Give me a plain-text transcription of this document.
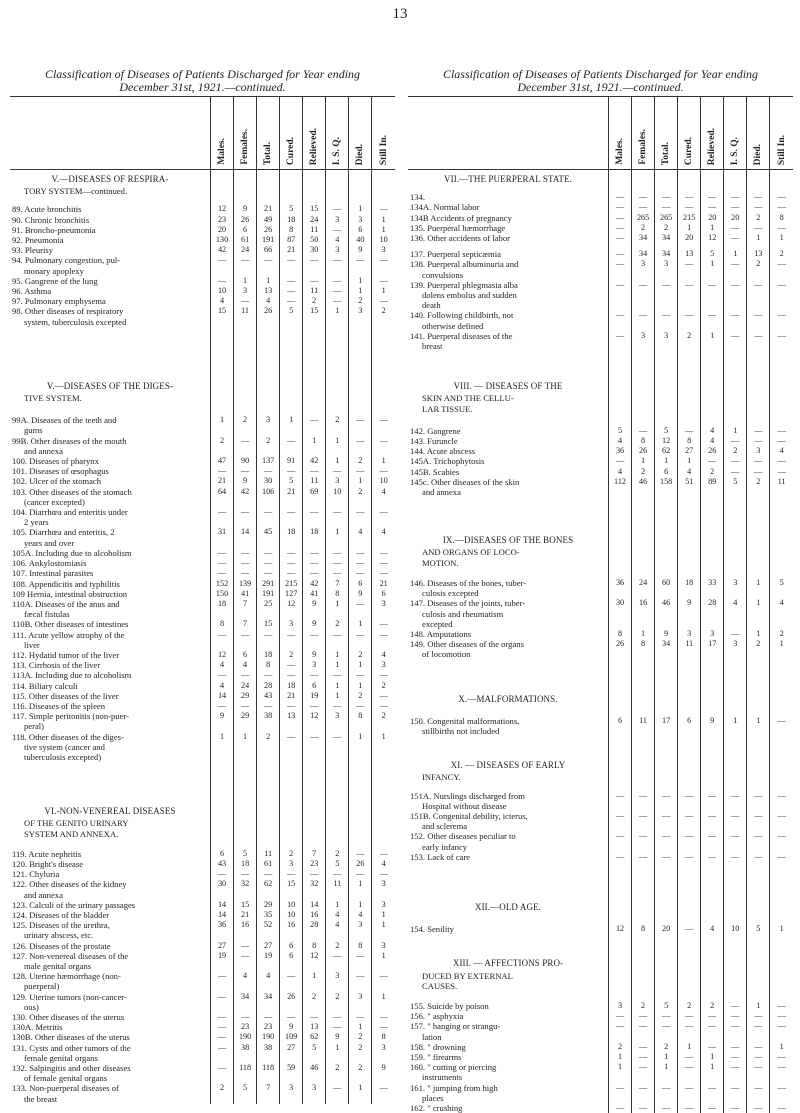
13
Classification of Diseases of Patients Discharged for Year ending
December 31st, 1921.—continued.

	Males.	Females.	Total.	Cured.	Relieved.	I. S. Q.	Died.	Still In.

V.—DISEASES OF RESPIRA-								
TORY SYSTEM—continued.								

89. Acute bronchitis	12	9	21	5	15	—	1	—
90. Chronic bronchitis	23	26	49	18	24	3	3	1
91. Broncho-pneumonia	20	6	26	8	11	—	6	1
92. Pneumonia	130	61	191	87	50	4	40	10
93. Pleurisy	42	24	66	21	30	3	9	3
94. Pulmonary congestion, pul-	—	—	—	—	—	—	—	—
monary apoplexy								
95. Gangrene of the lung	—	1	1	—	—	—	1	—
96. Asthma	10	3	13	—	11	—	1	1
97. Pulmonary emphysema	4	—	4	—	2	—	2	—
98. Other diseases of respiratory	15	11	26	5	15	1	3	2
system, tuberculosis excepted								

V.—DISEASES OF THE DIGES-								
TIVE SYSTEM.								

99A. Diseases of the teeth and	1	2	3	1	—	2	—	—
gums								
99B. Other diseases of the mouth	2	—	2	—	1	1	—	—
and annexa								
100. Diseases of pharynx	47	90	137	91	42	1	2	1
101. Diseases of œsophagus	—	—	—	—	—	—	—	—
102. Ulcer of the stomach	21	9	30	5	11	3	1	10
103. Other diseases of the stomach	64	42	106	21	69	10	2	4
(cancer excepted)								
104. Diarrhœa and enteritis under	—	—	—	—	—	—	—	—
2 years								
105. Diarrhœa and enteritis, 2	31	14	45	18	18	1	4	4
years and over								
105A. Including due to alcoholism	—	—	—	—	—	—	—	—
106. Ankylostomiasis	—	—	—	—	—	—	—	—
107. Intestinal parasites	—	—	—	—	—	—	—	—
108. Appendicitis and typhilitis	152	139	291	215	42	7	6	21
109 Hernia, intestinal obstruction	150	41	191	127	41	8	9	6
110A. Diseases of the anus and	18	7	25	12	9	1	—	3
fæcal fistulas								
110B. Other diseases of intestines	8	7	15	3	9	2	1	—
111. Acute yellow atrophy of the	—	—	—	—	—	—	—	—
liver								
112. Hydatid tumor of the liver	12	6	18	2	9	1	2	4
113. Cirrhosis of the liver	4	4	8	—	3	1	1	3
113A. Including due to alcoholism	—	—	—	—	—	—	—	—
114. Biliary calculi	4	24	28	18	6	1	1	2
115. Other diseases of the liver	14	29	43	21	19	1	2	—
116. Diseases of the spleen	—	—	—	—	—	—	—	—
117. Simple peritonitis (non-puer-	9	29	38	13	12	3	8	2
peral)								
118. Other diseases of the diges-	1	1	2	—	—	—	1	1
tive system (cancer and								
tuberculosis excepted)								

VI.-NON-VENEREAL DISEASES								
OF THE GENITO URINARY								
SYSTEM AND ANNEXA.								

119. Acute nephritis	6	5	11	2	7	2	—	—
120. Bright's disease	43	18	61	3	23	5	26	4
121. Chyluria	—	—	—	—	—	—	—	—
122. Other diseases of the kidney	30	32	62	15	32	11	1	3
and annexa								
123. Calculi of the urinary passages	14	15	29	10	14	1	1	3
124. Diseases of the bladder	14	21	35	10	16	4	4	1
125. Diseases of the urethra,	36	16	52	16	28	4	3	1
urinary abscess, etc.								
126. Diseases of the prostate	27	—	27	6	8	2	8	3
127. Non-venereal diseases of the	19	—	19	6	12	—	—	1
male genital organs								
128. Uterine hæmorrhage (non-	—	4	4	—	1	3	—	—
puerperal)								
129. Uterine tumors (non-cancer-	—	34	34	26	2	2	3	1
ous)								
130. Other diseases of the uterus	—	—	—	—	—	—	—	—
130A. Metritis	—	23	23	9	13	—	1	—
130B. Other diseases of the uterus	—	190	190	109	62	9	2	8
131. Cysts and other tumors of the	—	38	38	27	5	1	2	3
female genital organs								
132. Salpingitis and other diseases	—	118	118	59	46	2	2	9
of female genital organs								
133. Non-puerperal diseases of	2	5	7	3	3	—	1	—
the breast								
Classification of Diseases of Patients Discharged for Year ending
December 31st, 1921.—continued.

	Males.	Females.	Total.	Cured.	Relieved.	I. S. Q.	Died.	Still In.

VII.—THE PUERPERAL STATE.								

134.	—	—	—	—	—	—	—	—
134A. Normal labor	—	—	—	—	—	—	—	—
134B Accidents of pregnancy	—	265	265	215	20	20	2	8
135. Puerperal hæmorrhage	—	2	2	1	1	—	—	—
136. Other accidents of labor	—	34	34	20	12	—	1	1

137. Puerperal septicæmia	—	34	34	13	5	1	13	2
138. Puerperal albuminuria and	—	3	3	—	1	—	2	—
convulsions								
139. Puerperal phlegmasia alba	—	—	—	—	—	—	—	—
dolens embolus and sudden								
death								
140. Following childbirth, not	—	—	—	—	—	—	—	—
otherwise defined								
141. Puerperal diseases of the	—	3	3	2	1	—	—	—
breast								

VIII. — DISEASES OF THE								
SKIN AND THE CELLU-								
LAR TISSUE.								

142. Gangrene	5	—	5	—	4	1	—	—
143. Furuncle	4	8	12	8	4	—	—	—
144. Acute abscess	36	26	62	27	26	2	3	4
145A. Trichophytosis	—	1	1	1	—	—	—	—
145B. Scabies	4	2	6	4	2	—	—	—
145c. Other diseases of the skin	112	46	158	51	89	5	2	11
and annexa								

IX.—DISEASES OF THE BONES								
AND ORGANS OF LOCO-								
MOTION.								

146. Diseases of the bones, tuber-	36	24	60	18	33	3	1	5
culosis excepted								
147. Diseases of the joints, tuber-	30	16	46	9	28	4	1	4
culosis and rheumatism								
excepted								
148. Amputations	8	1	9	3	3	—	1	2
149. Other diseases of the organs	26	8	34	11	17	3	2	1
of locomotion								

X.—MALFORMATIONS.								

150. Congenital malformations,	6	11	17	6	9	1	1	—
stillbirths not included								

XI. — DISEASES OF EARLY								
INFANCY.								

151A. Nurslings discharged from	—	—	—	—	—	—	—	—
Hospital without disease								
151B. Congenital debility, icterus,	—	—	—	—	—	—	—	—
and sclerema								
152. Other diseases peculiar to	—	—	—	—	—	—	—	—
early infancy								
153. Lack of care	—	—	—	—	—	—	—	—

XII.—OLD AGE.								

154. Senility	12	8	20	—	4	10	5	1

XIII. — AFFECTIONS PRO-								
DUCED BY EXTERNAL								
CAUSES.								

155. Suicide by poison	3	2	5	2	2	—	1	—
156. " asphyxia	—	—	—	—	—	—	—	—
157. " hanging or strangu-	—	—	—	—	—	—	—	—
lation								
158. " drowning	2	—	2	1	—	—	—	1
159. " firearms	1	—	1	—	1	—	—	—
160. " cutting or piercing	1	—	1	—	1	—	—	—
instruments								
161. " jumping from high	—	—	—	—	—	—	—	—
places								
162. " crushing	—	—	—	—	—	—	—	—
